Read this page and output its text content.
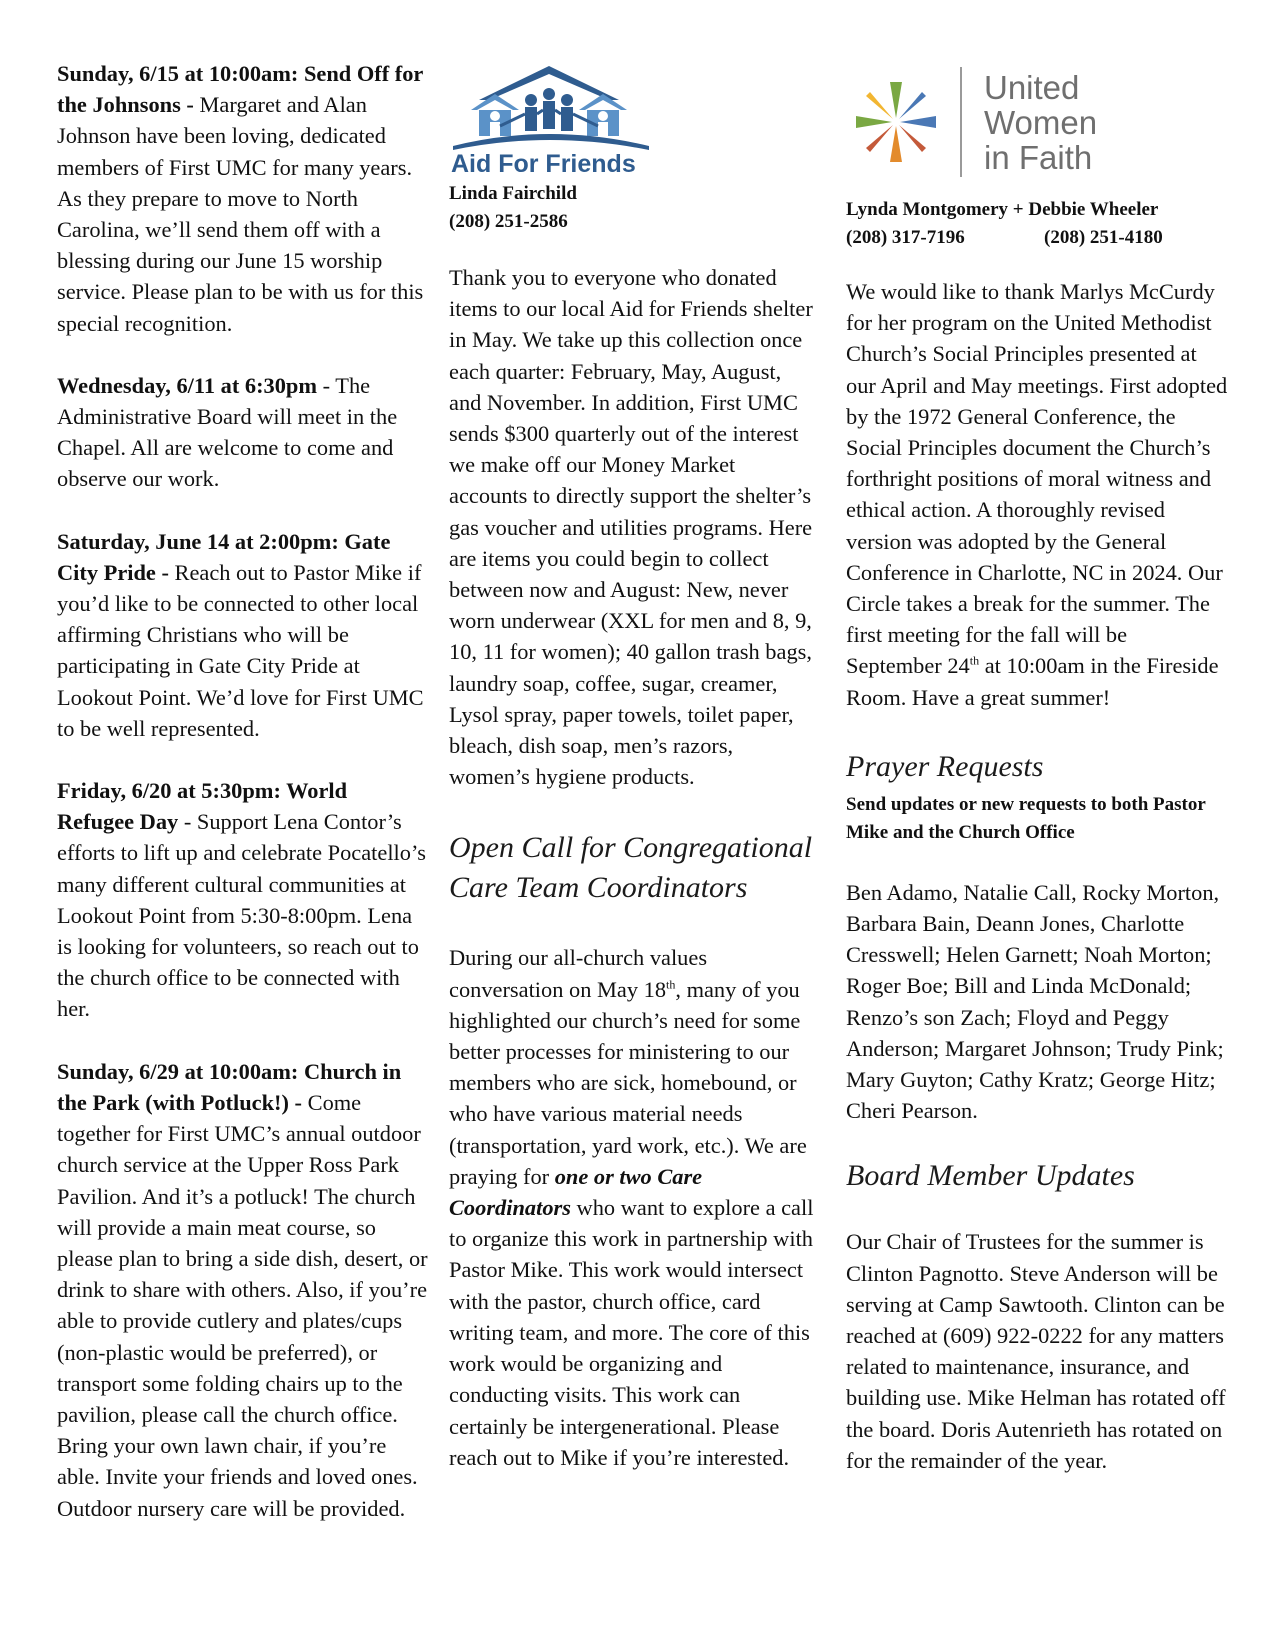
Sunday, 6/15 at 10:00am: Send Off for the Johnsons - Margaret and Alan Johnson have been loving, dedicated members of First UMC for many years. As they prepare to move to North Carolina, we’ll send them off with a blessing during our June 15 worship service. Please plan to be with us for this special recognition.

Wednesday, 6/11 at 6:30pm - The Administrative Board will meet in the Chapel. All are welcome to come and observe our work.

Saturday, June 14 at 2:00pm: Gate City Pride - Reach out to Pastor Mike if you’d like to be connected to other local affirming Christians who will be participating in Gate City Pride at Lookout Point. We’d love for First UMC to be well represented.

Friday, 6/20 at 5:30pm: World Refugee Day - Support Lena Contor’s efforts to lift up and celebrate Pocatello’s many different cultural communities at Lookout Point from 5:30-8:00pm. Lena is looking for volunteers, so reach out to the church office to be connected with her.

Sunday, 6/29 at 10:00am: Church in the Park (with Potluck!) - Come together for First UMC’s annual outdoor church service at the Upper Ross Park Pavilion. And it’s a potluck! The church will provide a main meat course, so please plan to bring a side dish, desert, or drink to share with others. Also, if you’re able to provide cutlery and plates/cups (non-plastic would be preferred), or transport some folding chairs up to the pavilion, please call the church office. Bring your own lawn chair, if you’re able. Invite your friends and loved ones. Outdoor nursery care will be provided.

Aid For Friends
Linda Fairchild
(208) 251-2586

Thank you to everyone who donated items to our local Aid for Friends shelter in May. We take up this collection once each quarter: February, May, August, and November. In addition, First UMC sends $300 quarterly out of the interest we make off our Money Market accounts to directly support the shelter’s gas voucher and utilities programs. Here are items you could begin to collect between now and August: New, never worn underwear (XXL for men and 8, 9, 10, 11 for women); 40 gallon trash bags, laundry soap, coffee, sugar, creamer, Lysol spray, paper towels, toilet paper, bleach, dish soap, men’s razors, women’s hygiene products.

Open Call for Congregational Care Team Coordinators

During our all-church values conversation on May 18th, many of you highlighted our church’s need for some better processes for ministering to our members who are sick, homebound, or who have various material needs (transportation, yard work, etc.). We are praying for one or two Care Coordinators who want to explore a call to organize this work in partnership with Pastor Mike. This work would intersect with the pastor, church office, card writing team, and more. The core of this work would be organizing and conducting visits. This work can certainly be intergenerational. Please reach out to Mike if you’re interested.

United
Women
in Faith
Lynda Montgomery + Debbie Wheeler
(208) 317-7196	(208) 251-4180

We would like to thank Marlys McCurdy for her program on the United Methodist Church’s Social Principles presented at our April and May meetings. First adopted by the 1972 General Conference, the Social Principles document the Church’s forthright positions of moral witness and ethical action. A thoroughly revised version was adopted by the General Conference in Charlotte, NC in 2024. Our Circle takes a break for the summer. The first meeting for the fall will be September 24th at 10:00am in the Fireside Room. Have a great summer!

Prayer Requests
Send updates or new requests to both Pastor Mike and the Church Office

Ben Adamo, Natalie Call, Rocky Morton, Barbara Bain, Deann Jones, Charlotte Cresswell; Helen Garnett; Noah Morton; Roger Boe; Bill and Linda McDonald; Renzo’s son Zach; Floyd and Peggy Anderson; Margaret Johnson; Trudy Pink; Mary Guyton; Cathy Kratz; George Hitz; Cheri Pearson.

Board Member Updates

Our Chair of Trustees for the summer is Clinton Pagnotto. Steve Anderson will be serving at Camp Sawtooth. Clinton can be reached at (609) 922-0222 for any matters related to maintenance, insurance, and building use. Mike Helman has rotated off the board. Doris Autenrieth has rotated on for the remainder of the year.
